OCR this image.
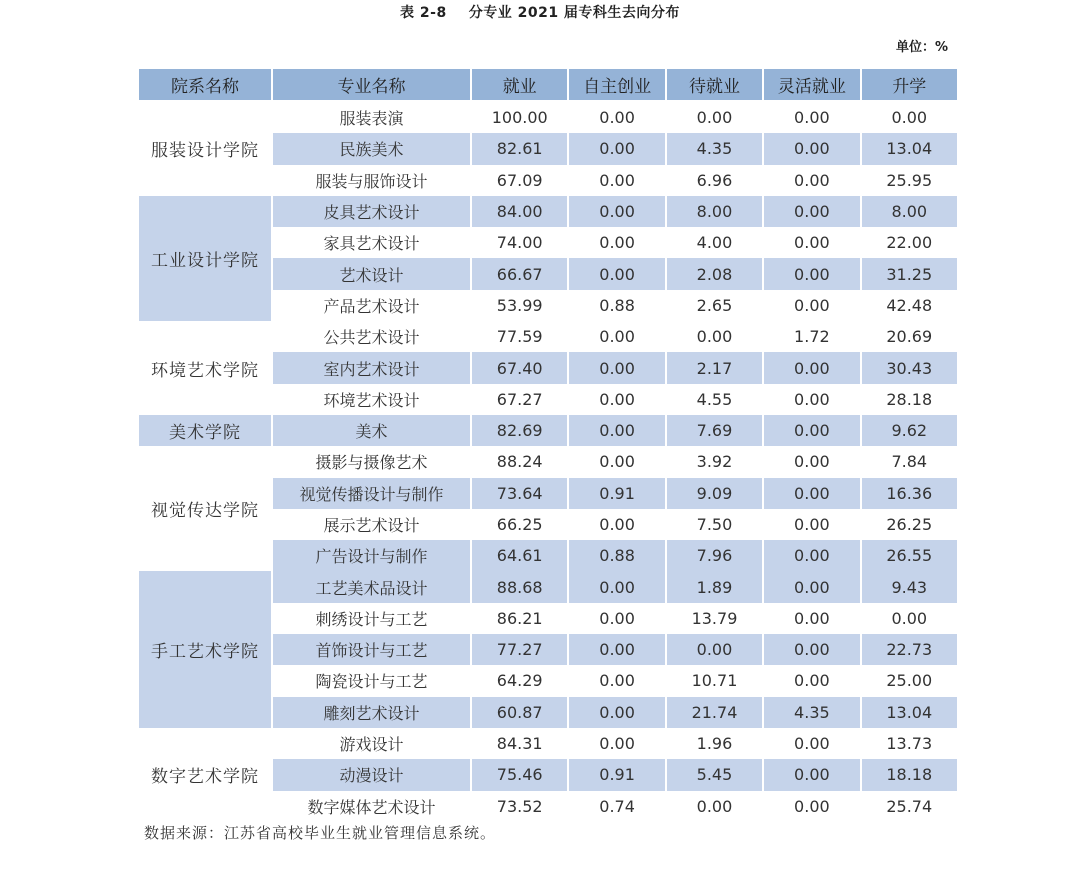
表 2-8 分专业 2021 届专科生去向分布
单位：%
院系名称	专业名称	就业	自主创业	待就业	灵活就业	升学
服装设计学院	服装表演	100.00	0.00	0.00	0.00	0.00
	民族美术	82.61	0.00	4.35	0.00	13.04
	服装与服饰设计	67.09	0.00	6.96	0.00	25.95
工业设计学院	皮具艺术设计	84.00	0.00	8.00	0.00	8.00
	家具艺术设计	74.00	0.00	4.00	0.00	22.00
	艺术设计	66.67	0.00	2.08	0.00	31.25
	产品艺术设计	53.99	0.88	2.65	0.00	42.48
环境艺术学院	公共艺术设计	77.59	0.00	0.00	1.72	20.69
	室内艺术设计	67.40	0.00	2.17	0.00	30.43
	环境艺术设计	67.27	0.00	4.55	0.00	28.18
美术学院	美术	82.69	0.00	7.69	0.00	9.62
视觉传达学院	摄影与摄像艺术	88.24	0.00	3.92	0.00	7.84
	视觉传播设计与制作	73.64	0.91	9.09	0.00	16.36
	展示艺术设计	66.25	0.00	7.50	0.00	26.25
	广告设计与制作	64.61	0.88	7.96	0.00	26.55
手工艺术学院	工艺美术品设计	88.68	0.00	1.89	0.00	9.43
	刺绣设计与工艺	86.21	0.00	13.79	0.00	0.00
	首饰设计与工艺	77.27	0.00	0.00	0.00	22.73
	陶瓷设计与工艺	64.29	0.00	10.71	0.00	25.00
	雕刻艺术设计	60.87	0.00	21.74	4.35	13.04
数字艺术学院	游戏设计	84.31	0.00	1.96	0.00	13.73
	动漫设计	75.46	0.91	5.45	0.00	18.18
	数字媒体艺术设计	73.52	0.74	0.00	0.00	25.74
数据来源：江苏省高校毕业生就业管理信息系统。
